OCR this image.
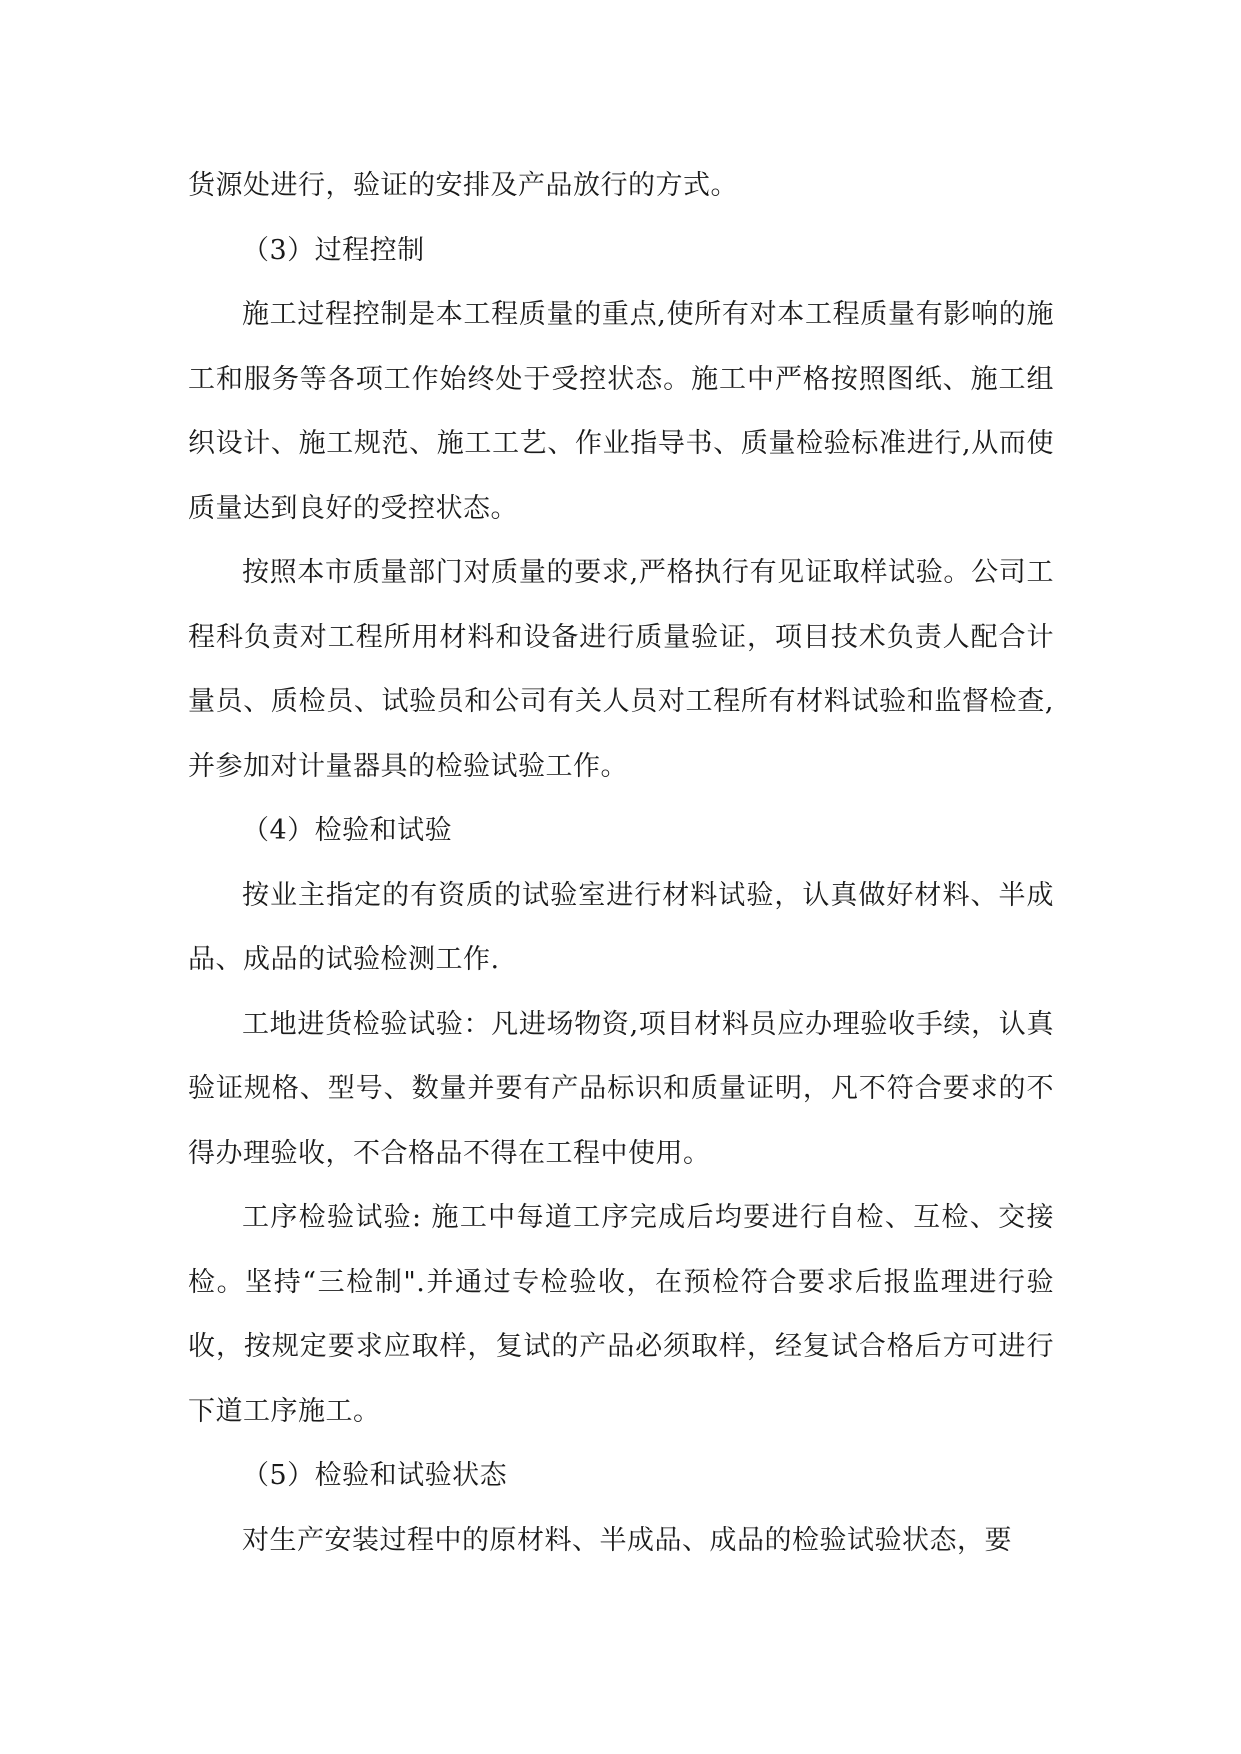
货源处进行，验证的安排及产品放行的方式。

（3）过程控制

施工过程控制是本工程质量的重点,使所有对本工程质量有影响的施工和服务等各项工作始终处于受控状态。施工中严格按照图纸、施工组织设计、施工规范、施工工艺、作业指导书、质量检验标准进行,从而使质量达到良好的受控状态。

按照本市质量部门对质量的要求,严格执行有见证取样试验。公司工程科负责对工程所用材料和设备进行质量验证，项目技术负责人配合计量员、质检员、试验员和公司有关人员对工程所有材料试验和监督检查,并参加对计量器具的检验试验工作。

（4）检验和试验

按业主指定的有资质的试验室进行材料试验，认真做好材料、半成品、成品的试验检测工作.

工地进货检验试验：凡进场物资,项目材料员应办理验收手续，认真验证规格、型号、数量并要有产品标识和质量证明，凡不符合要求的不得办理验收，不合格品不得在工程中使用。

工序检验试验: 施工中每道工序完成后均要进行自检、互检、交接检。坚持“三检制".并通过专检验收，在预检符合要求后报监理进行验收，按规定要求应取样，复试的产品必须取样，经复试合格后方可进行下道工序施工。

（5）检验和试验状态

对生产安装过程中的原材料、半成品、成品的检验试验状态，要
